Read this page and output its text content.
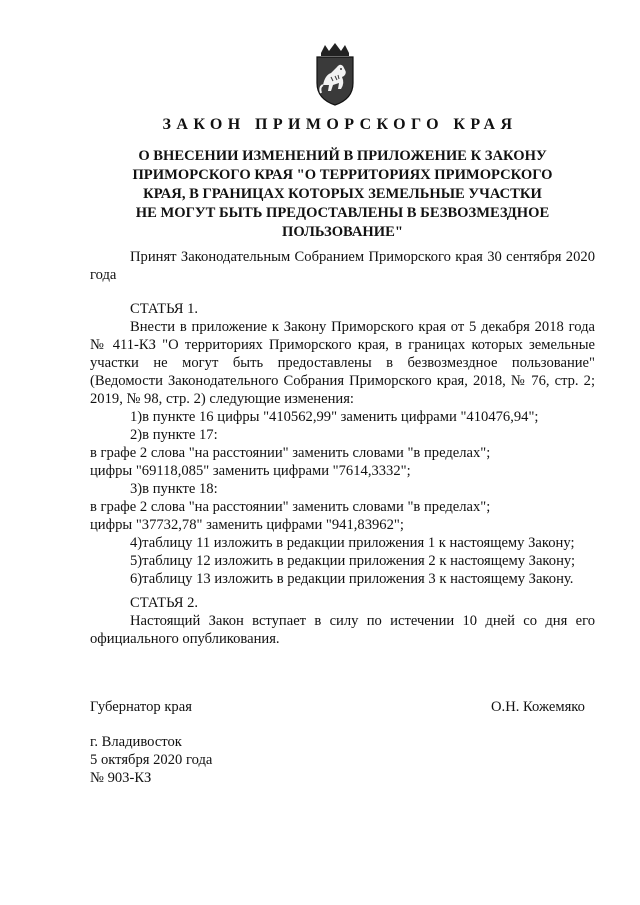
ЗАКОН ПРИМОРСКОГО КРАЯ
О ВНЕСЕНИИ ИЗМЕНЕНИЙ В ПРИЛОЖЕНИЕ К ЗАКОНУ
ПРИМОРСКОГО КРАЯ "О ТЕРРИТОРИЯХ ПРИМОРСКОГО
КРАЯ, В ГРАНИЦАХ КОТОРЫХ ЗЕМЕЛЬНЫЕ УЧАСТКИ
НЕ МОГУТ БЫТЬ ПРЕДОСТАВЛЕНЫ В БЕЗВОЗМЕЗДНОЕ
ПОЛЬЗОВАНИЕ"
Принят Законодательным Собранием Приморского края 30 сентября 2020 года

СТАТЬЯ 1.

Внести в приложение к Закону Приморского края от 5 декабря 2018 года № 411-КЗ "О территориях Приморского края, в границах которых земельные участки не могут быть предоставлены в безвозмездное пользование" (Ведомости Законодательного Собрания Приморского края, 2018, № 76, стр. 2; 2019, № 98, стр. 2) следующие изменения:

1)в пункте 16 цифры "410562,99" заменить цифрами "410476,94";

2)в пункте 17:

в графе 2 слова "на расстоянии" заменить словами "в пределах";

цифры "69118,085" заменить цифрами "7614,3332";

3)в пункте 18:

в графе 2 слова "на расстоянии" заменить словами "в пределах";

цифры "37732,78" заменить цифрами "941,83962";

4)таблицу 11 изложить в редакции приложения 1 к настоящему Закону;

5)таблицу 12 изложить в редакции приложения 2 к настоящему Закону;

6)таблицу 13 изложить в редакции приложения 3 к настоящему Закону.

СТАТЬЯ 2.

Настоящий Закон вступает в силу по истечении 10 дней со дня его официального опубликования.

Губернатор края	О.Н. Кожемяко
г. Владивосток
5 октября 2020 года
№ 903-КЗ
